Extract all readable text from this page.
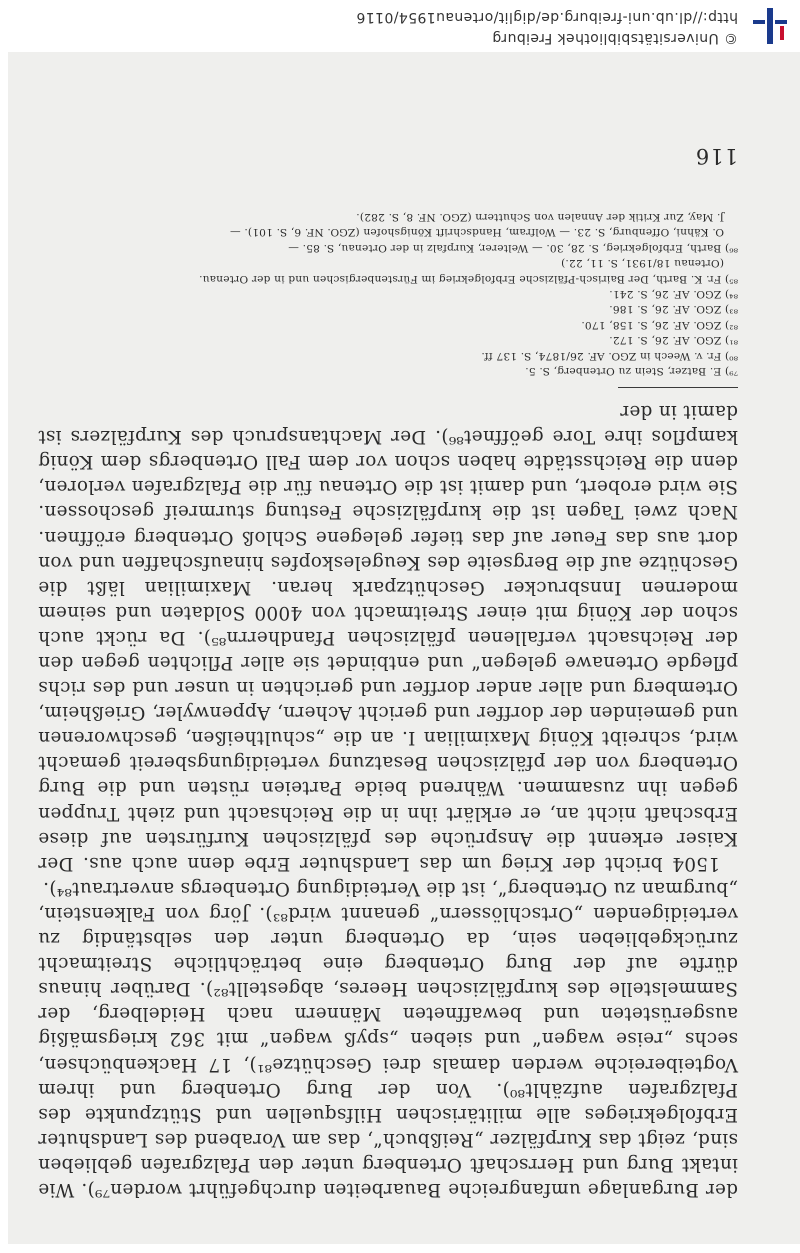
© Universitätsbibliothek Freiburg
http://dl.ub.uni-freiburg.de/diglit/ortenau1954/0116

der Burganlage umfangreiche Bauarbeiten durchgeführt worden⁷⁹). Wie intakt Burg und Herrschaft Ortenberg unter den Pfalzgrafen geblieben sind, zeigt das Kurpfälzer „Reißbuch“, das am Vorabend des Landshuter Erbfolgekrieges alle militärischen Hilfsquellen und Stützpunkte des Pfalzgrafen aufzählt⁸⁰). Von der Burg Ortenberg und ihrem Vogteibereiche werden damals drei Geschütze⁸¹), 17 Hackenbüchsen, sechs „reise wagen“ und sieben „spyß wagen“ mit 362 kriegsmäßig ausgerüsteten und bewaffneten Männern nach Heidelberg, der Sammelstelle des kurpfälzischen Heeres, abgestellt⁸²). Darüber hinaus dürfte auf der Burg Ortenberg eine beträchtliche Streitmacht zurückgeblieben sein, da Ortenberg unter den selbständig zu verteidigenden „Ortschlössern“ genannt wird⁸³). Jörg von Falkenstein, „burgman zu Ortenberg“, ist die Verteidigung Ortenbergs anvertraut⁸⁴).

1504 bricht der Krieg um das Landshuter Erbe denn auch aus. Der Kaiser erkennt die Ansprüche des pfälzischen Kurfürsten auf diese Erbschaft nicht an, er erklärt ihn in die Reichsacht und zieht Truppen gegen ihn zusammen. Während beide Parteien rüsten und die Burg Ortenberg von der pfälzischen Besatzung verteidigungsbereit gemacht wird, schreibt König Maximilian I. an die „schultheißen, geschworenen und gemeinden der dorffer und gericht Achern, Appenwyler, Grießheim, Ortemberg und aller ander dorffer und gerichten in unser und des richs pflegde Ortenawe gelegen“ und entbindet sie aller Pflichten gegen den der Reichsacht verfallenen pfälzischen Pfandherrn⁸⁵). Da rückt auch schon der König mit einer Streitmacht von 4000 Soldaten und seinem modernen Innsbrucker Geschützpark heran. Maximilian läßt die Geschütze auf die Bergseite des Keugeleskopfes hinaufschaffen und von dort aus das Feuer auf das tiefer gelegene Schloß Ortenberg eröffnen. Nach zwei Tagen ist die kurpfälzische Festung sturmreif geschossen. Sie wird erobert, und damit ist die Ortenau für die Pfalzgrafen verloren, denn die Reichsstädte haben schon vor dem Fall Ortenbergs dem König kampflos ihre Tore geöffnet⁸⁶). Der Machtanspruch des Kurpfälzers ist damit in der

⁷⁹) E. Batzer, Stein zu Ortenberg, S. 5.
⁸⁰) Fr. v. Weech in ZGO. AF. 26/1874, S. 137 ff.
⁸¹) ZGO. AF. 26, S. 172.
⁸²) ZGO. AF. 26, S. 158, 170.
⁸³) ZGO. AF. 26, S. 186.
⁸⁴) ZGO. AF. 26, S. 241.
⁸⁵) Fr. K. Barth, Der Bairisch-Pfälzische Erbfolgekrieg im Fürstenbergischen und in der Ortenau.
(Ortenau 18/1931, S. 11, 22.)
⁸⁶) Barth, Erbfolgekrieg, S. 28, 30. — Welterer, Kurpfalz in der Ortenau, S. 85. —
O. Kähni, Offenburg, S. 23. — Wolfram, Handschrift Königshofen (ZGO. NF. 6, S. 101). —
J. May, Zur Kritik der Annalen von Schuttern (ZGO. NF. 8, S. 282).
116
